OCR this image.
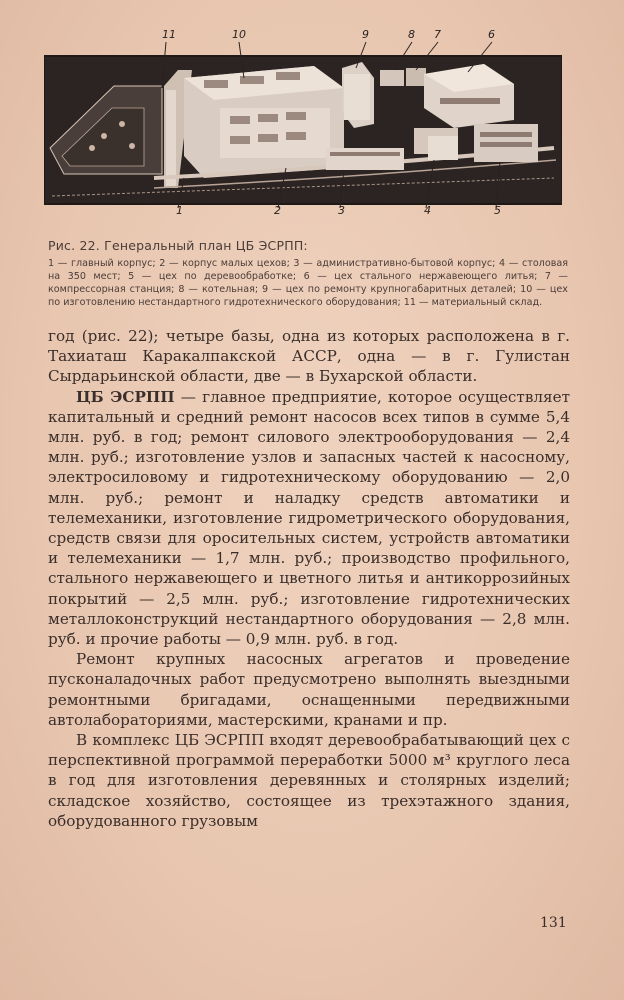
11	10	9	8 7	6
1	2	3	4	5
Рис. 22. Генеральный план ЦБ ЭСРПП:
1 — главный корпус; 2 — корпус малых цехов; 3 — административно-бытовой корпус; 4 — столовая на 350 мест; 5 — цех по деревообработке; 6 — цех стального нержавеющего литья; 7 — компрессорная станция; 8 — котельная; 9 — цех по ремонту крупногабаритных деталей; 10 — цех по изготовлению нестандартного гидротехнического оборудования; 11 — материальный склад.

год (рис. 22); четыре базы, одна из которых расположена в г. Тахиаташ Каракалпакской АССР, одна — в г. Гулистан Сырдарьинской области, две — в Бухарской области.

ЦБ ЭСРПП — главное предприятие, которое осуществляет капитальный и средний ремонт насосов всех типов в сумме 5,4 млн. руб. в год; ремонт силового электрооборудования — 2,4 млн. руб.; изготовление узлов и запасных частей к насосному, электросиловому и гидротехническому оборудованию — 2,0 млн. руб.; ремонт и наладку средств автоматики и телемеханики, изготовление гидрометрического оборудования, средств связи для оросительных систем, устройств автоматики и телемеханики — 1,7 млн. руб.; производство профильного, стального нержавеющего и цветного литья и антикоррозийных покрытий — 2,5 млн. руб.; изготовление гидротехнических металлоконструкций нестандартного оборудования — 2,8 млн. руб. и прочие работы — 0,9 млн. руб. в год.

Ремонт крупных насосных агрегатов и проведение пусконаладочных работ предусмотрено выполнять выездными ремонтными бригадами, оснащенными передвижными автолабораториями, мастерскими, кранами и пр.

В комплекс ЦБ ЭСРПП входят деревообрабатывающий цех с перспективной программой переработки 5000 м³ круглого леса в год для изготовления деревянных и столярных изделий; складское хозяйство, состоящее из трехэтажного здания, оборудованного грузовым

131
